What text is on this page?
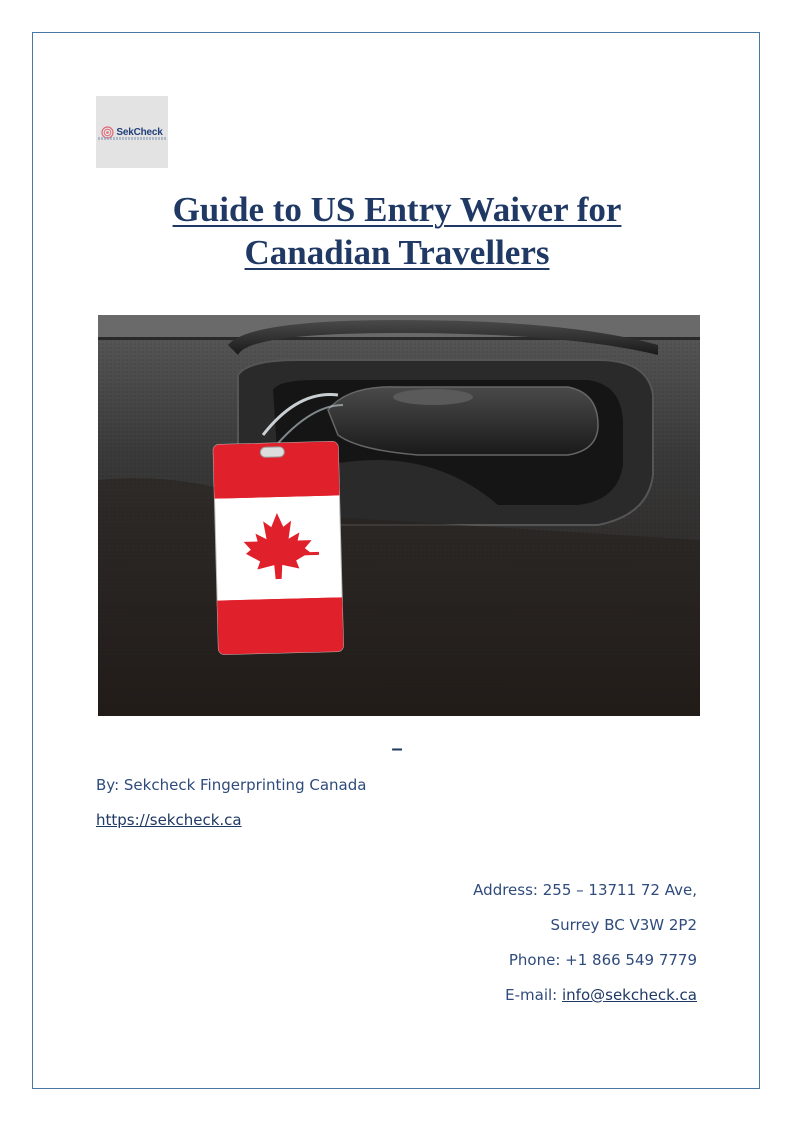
SekCheck
Guide to US Entry Waiver for
Canadian Travellers
–
By: Sekcheck Fingerprinting Canada
https://sekcheck.ca
Address: 255 – 13711 72 Ave,
Surrey BC V3W 2P2
Phone: +1 866 549 7779
E-mail: info@sekcheck.ca
